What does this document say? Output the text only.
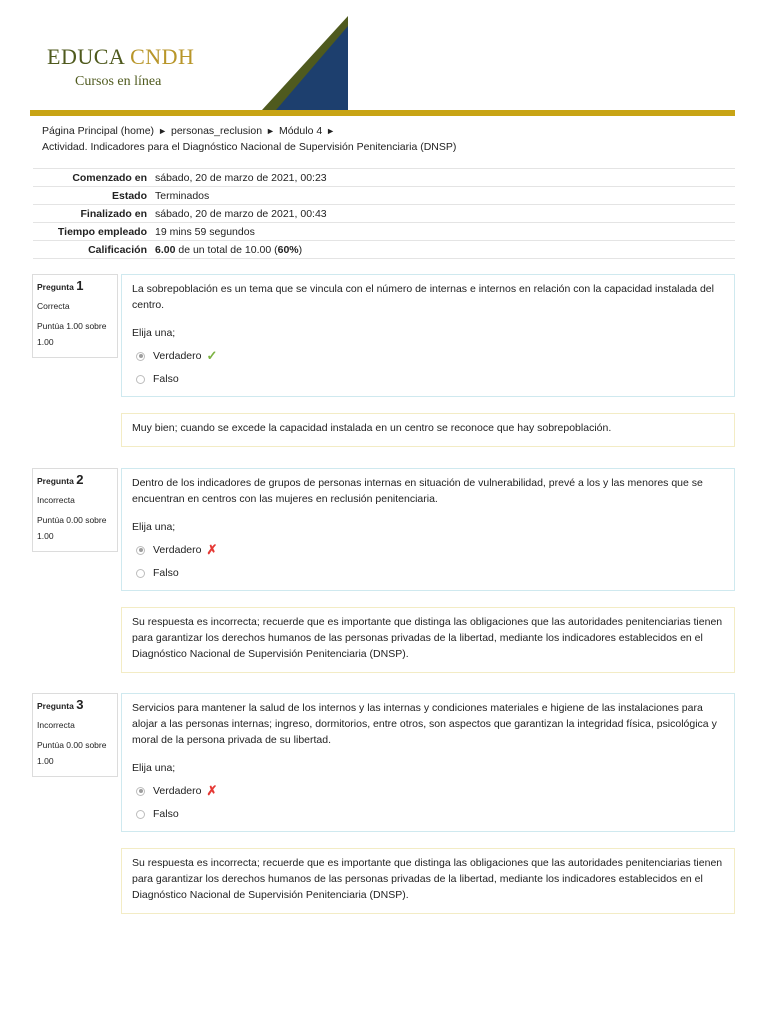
EDUCA CNDH
Cursos en línea
Página Principal (home) ► personas_reclusion ► Módulo 4 ►
Actividad. Indicadores para el Diagnóstico Nacional de Supervisión Penitenciaria (DNSP)
Comenzado en	sábado, 20 de marzo de 2021, 00:23
Estado	Terminados
Finalizado en	sábado, 20 de marzo de 2021, 00:43
Tiempo empleado	19 mins 59 segundos
Calificación	6.00 de un total de 10.00 (60%)
Pregunta 1
Correcta
Puntúa 1.00 sobre 1.00
La sobrepoblación es un tema que se vincula con el número de internas e internos en relación con la capacidad instalada del centro.
Elija una;
Verdadero ✓
Falso
Muy bien; cuando se excede la capacidad instalada en un centro se reconoce que hay sobrepoblación.
Pregunta 2
Incorrecta
Puntúa 0.00 sobre 1.00
Dentro de los indicadores de grupos de personas internas en situación de vulnerabilidad, prevé a los y las menores que se encuentran en centros con las mujeres en reclusión penitenciaria.
Elija una;
Verdadero ✗
Falso
Su respuesta es incorrecta; recuerde que es importante que distinga las obligaciones que las autoridades penitenciarias tienen para garantizar los derechos humanos de las personas privadas de la libertad, mediante los indicadores establecidos en el Diagnóstico Nacional de Supervisión Penitenciaria (DNSP).
Pregunta 3
Incorrecta
Puntúa 0.00 sobre 1.00
Servicios para mantener la salud de los internos y las internas y condiciones materiales e higiene de las instalaciones para alojar a las personas internas; ingreso, dormitorios, entre otros, son aspectos que garantizan la integridad física, psicológica y moral de la persona privada de su libertad.
Elija una;
Verdadero ✗
Falso
Su respuesta es incorrecta; recuerde que es importante que distinga las obligaciones que las autoridades penitenciarias tienen para garantizar los derechos humanos de las personas privadas de la libertad, mediante los indicadores establecidos en el Diagnóstico Nacional de Supervisión Penitenciaria (DNSP).
